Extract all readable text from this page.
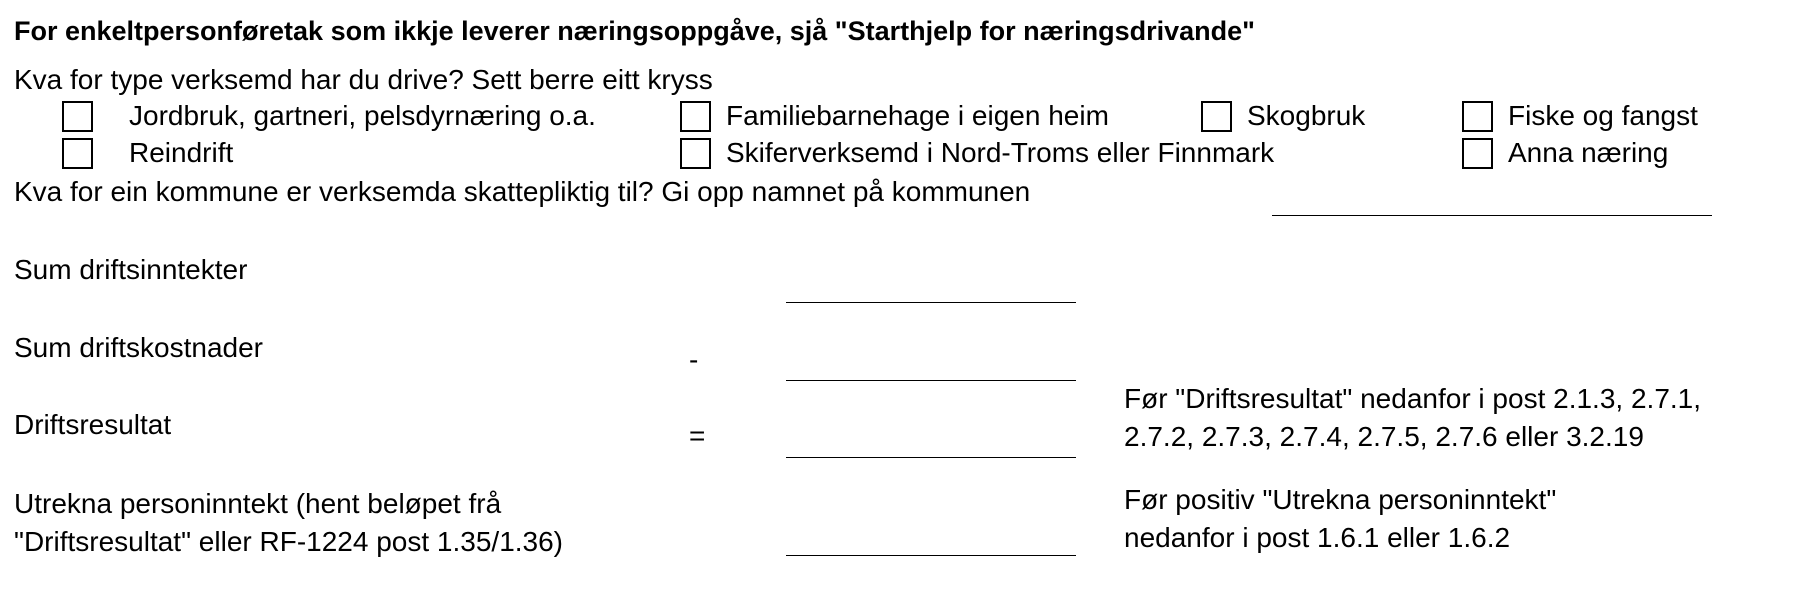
For enkeltpersonføretak som ikkje leverer næringsoppgåve, sjå "Starthjelp for næringsdrivande"
Kva for type verksemd har du drive? Sett berre eitt kryss
Jordbruk, gartneri, pelsdyrnæring o.a.	Familiebarnehage i eigen heim	Skogbruk	Fiske og fangst
Reindrift	Skiferverksemd i Nord-Troms eller Finnmark	Anna næring
Kva for ein kommune er verksemda skattepliktig til? Gi opp namnet på kommunen
Sum driftsinntekter
Sum driftskostnader	-
Driftsresultat	=
Før "Driftsresultat" nedanfor i post 2.1.3, 2.7.1,
2.7.2, 2.7.3, 2.7.4, 2.7.5, 2.7.6 eller 3.2.19
Utrekna personinntekt (hent beløpet frå
"Driftsresultat" eller RF-1224 post 1.35/1.36)
Før positiv "Utrekna personinntekt"
nedanfor i post 1.6.1 eller 1.6.2
